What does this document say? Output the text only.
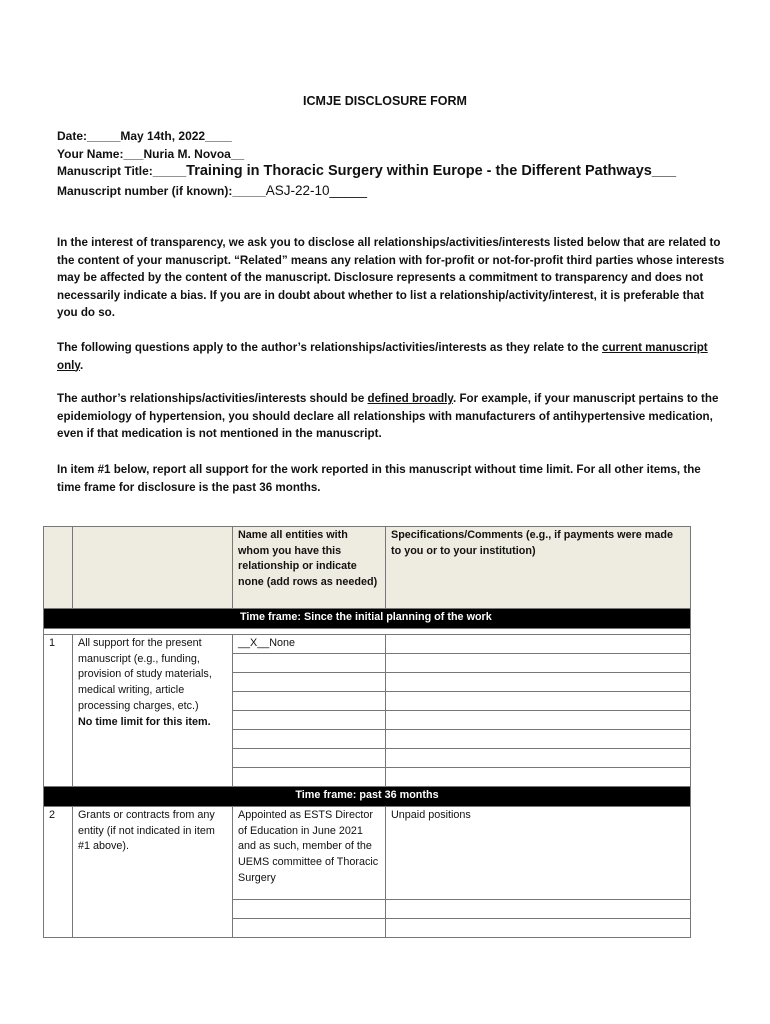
ICMJE DISCLOSURE FORM
Date:_____May 14th, 2022____
Your Name:___Nuria M. Novoa__
Manuscript Title:_____Training in Thoracic Surgery within Europe - the Different Pathways___
Manuscript number (if known):_____ASJ-22-10_____
In the interest of transparency, we ask you to disclose all relationships/activities/interests listed below that are related to the content of your manuscript. “Related” means any relation with for-profit or not-for-profit third parties whose interests may be affected by the content of the manuscript. Disclosure represents a commitment to transparency and does not necessarily indicate a bias. If you are in doubt about whether to list a relationship/activity/interest, it is preferable that you do so.
The following questions apply to the author’s relationships/activities/interests as they relate to the current manuscript only.
The author’s relationships/activities/interests should be defined broadly. For example, if your manuscript pertains to the epidemiology of hypertension, you should declare all relationships with manufacturers of antihypertensive medication, even if that medication is not mentioned in the manuscript.
In item #1 below, report all support for the work reported in this manuscript without time limit. For all other items, the time frame for disclosure is the past 36 months.
		Name all entities with whom you have this relationship or indicate none (add rows as needed)	Specifications/Comments (e.g., if payments were made to you or to your institution)
Time frame: Since the initial planning of the work			

1	All support for the present manuscript (e.g., funding, provision of study materials, medical writing, article processing charges, etc.)
No time limit for this item.	__X__None	

Time frame: past 36 months			
2	Grants or contracts from any entity (if not indicated in item #1 above).	Appointed as ESTS Director of Education in June 2021 and as such, member of the UEMS committee of Thoracic Surgery	Unpaid positions
